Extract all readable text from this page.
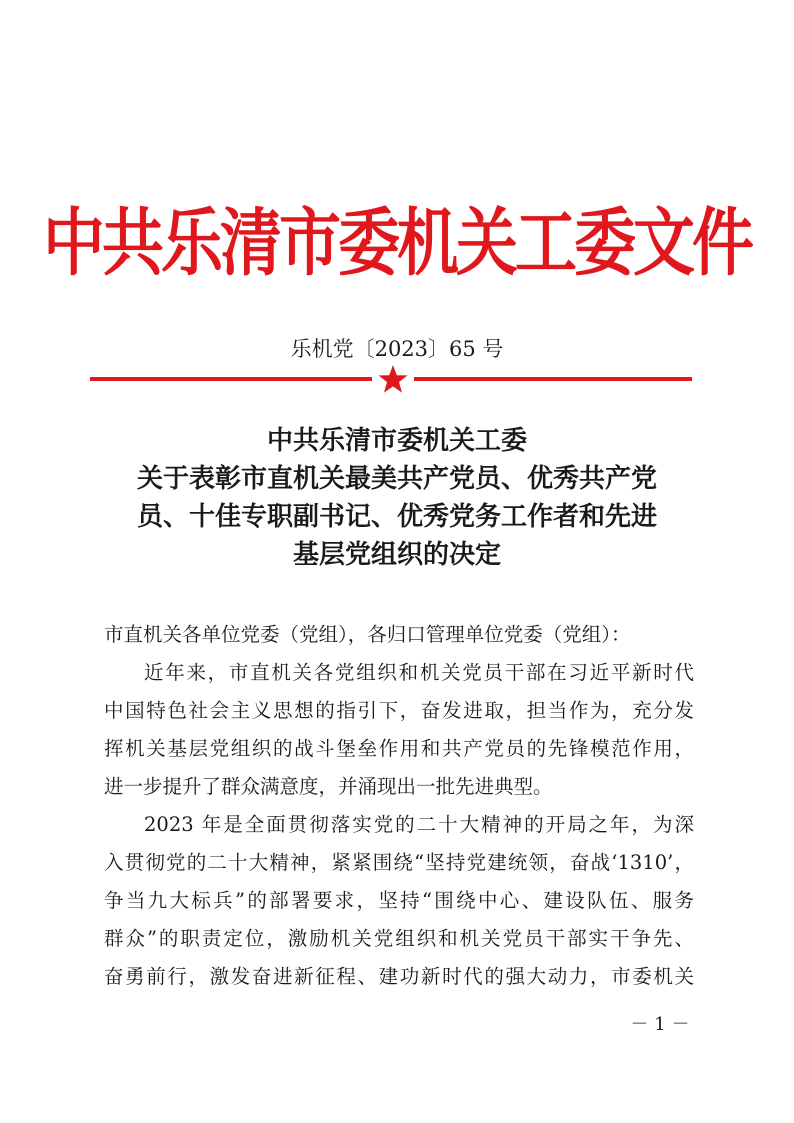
中共乐清市委机关工委文件
乐机党〔2023〕65 号
中共乐清市委机关工委
关于表彰市直机关最美共产党员、优秀共产党
员、十佳专职副书记、优秀党务工作者和先进
基层党组织的决定
市直机关各单位党委（党组），各归口管理单位党委（党组）：
近年来，市直机关各党组织和机关党员干部在习近平新时代
中国特色社会主义思想的指引下，奋发进取，担当作为，充分发
挥机关基层党组织的战斗堡垒作用和共产党员的先锋模范作用，
进一步提升了群众满意度，并涌现出一批先进典型。
2023 年是全面贯彻落实党的二十大精神的开局之年，为深
入贯彻党的二十大精神，紧紧围绕“坚持党建统领，奋战‘1310’，
争当九大标兵”的部署要求，坚持“围绕中心、建设队伍、服务
群众”的职责定位，激励机关党组织和机关党员干部实干争先、
奋勇前行，激发奋进新征程、建功新时代的强大动力，市委机关
－ 1 －
